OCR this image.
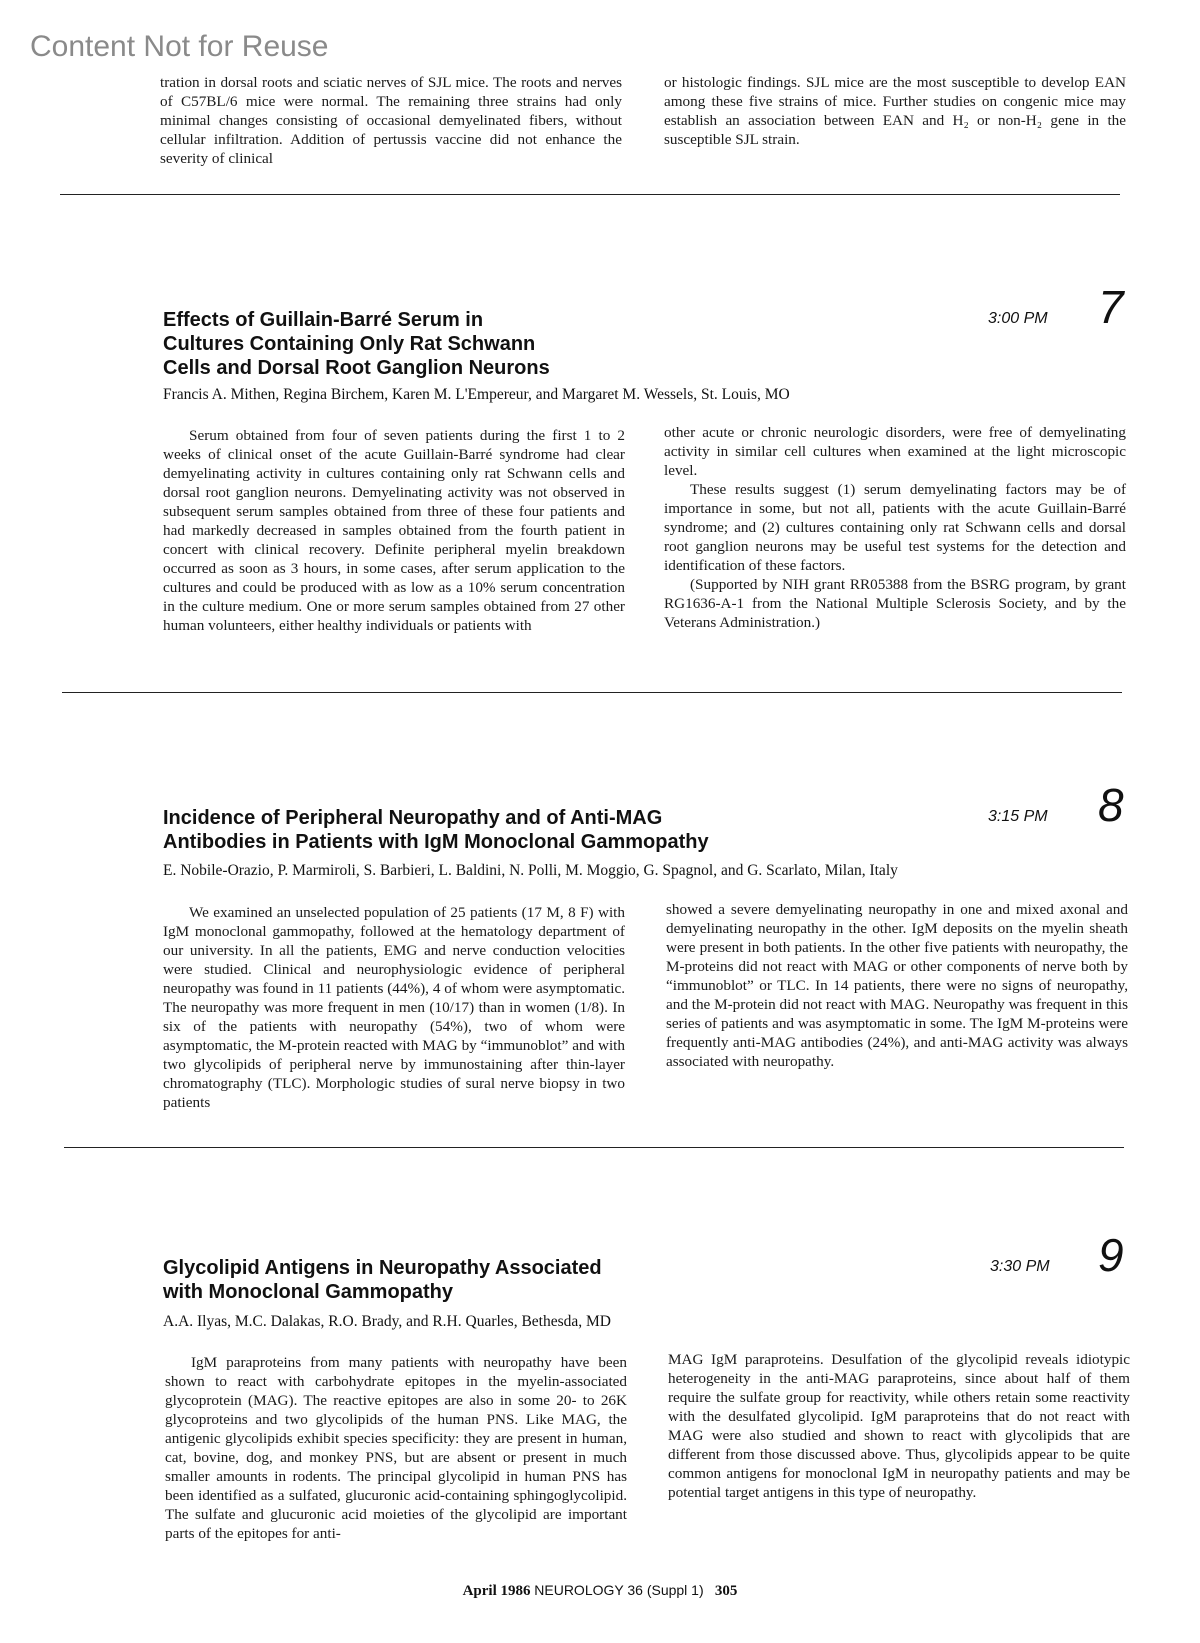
Content Not for Reuse

tration in dorsal roots and sciatic nerves of SJL mice. The roots and nerves of C57BL/6 mice were normal. The remaining three strains had only minimal changes consisting of occasional demyelinated fibers, without cellular infiltration. Addition of pertussis vaccine did not enhance the severity of clinical

or histologic findings. SJL mice are the most susceptible to develop EAN among these five strains of mice. Further studies on congenic mice may establish an association between EAN and H₂ or non-H₂ gene in the susceptible SJL strain.

Effects of Guillain-Barré Serum in
Cultures Containing Only Rat Schwann
Cells and Dorsal Root Ganglion Neurons
3:00 PM 7

Francis A. Mithen, Regina Birchem, Karen M. L'Empereur, and Margaret M. Wessels, St. Louis, MO

Serum obtained from four of seven patients during the first 1 to 2 weeks of clinical onset of the acute Guillain-Barré syndrome had clear demyelinating activity in cultures containing only rat Schwann cells and dorsal root ganglion neurons. Demyelinating activity was not observed in subsequent serum samples obtained from three of these four patients and had markedly decreased in samples obtained from the fourth patient in concert with clinical recovery. Definite peripheral myelin breakdown occurred as soon as 3 hours, in some cases, after serum application to the cultures and could be produced with as low as a 10% serum concentration in the culture medium. One or more serum samples obtained from 27 other human volunteers, either healthy individuals or patients with

other acute or chronic neurologic disorders, were free of demyelinating activity in similar cell cultures when examined at the light microscopic level.

These results suggest (1) serum demyelinating factors may be of importance in some, but not all, patients with the acute Guillain-Barré syndrome; and (2) cultures containing only rat Schwann cells and dorsal root ganglion neurons may be useful test systems for the detection and identification of these factors.

(Supported by NIH grant RR05388 from the BSRG program, by grant RG1636-A-1 from the National Multiple Sclerosis Society, and by the Veterans Administration.)

Incidence of Peripheral Neuropathy and of Anti-MAG
Antibodies in Patients with IgM Monoclonal Gammopathy
3:15 PM 8

E. Nobile-Orazio, P. Marmiroli, S. Barbieri, L. Baldini, N. Polli, M. Moggio, G. Spagnol, and G. Scarlato, Milan, Italy

We examined an unselected population of 25 patients (17 M, 8 F) with IgM monoclonal gammopathy, followed at the hematology department of our university. In all the patients, EMG and nerve conduction velocities were studied. Clinical and neurophysiologic evidence of peripheral neuropathy was found in 11 patients (44%), 4 of whom were asymptomatic. The neuropathy was more frequent in men (10/17) than in women (1/8). In six of the patients with neuropathy (54%), two of whom were asymptomatic, the M-protein reacted with MAG by “immunoblot” and with two glycolipids of peripheral nerve by immunostaining after thin-layer chromatography (TLC). Morphologic studies of sural nerve biopsy in two patients

showed a severe demyelinating neuropathy in one and mixed axonal and demyelinating neuropathy in the other. IgM deposits on the myelin sheath were present in both patients. In the other five patients with neuropathy, the M-proteins did not react with MAG or other components of nerve both by “immunoblot” or TLC. In 14 patients, there were no signs of neuropathy, and the M-protein did not react with MAG. Neuropathy was frequent in this series of patients and was asymptomatic in some. The IgM M-proteins were frequently anti-MAG antibodies (24%), and anti-MAG activity was always associated with neuropathy.

Glycolipid Antigens in Neuropathy Associated
with Monoclonal Gammopathy
3:30 PM 9

A.A. Ilyas, M.C. Dalakas, R.O. Brady, and R.H. Quarles, Bethesda, MD

IgM paraproteins from many patients with neuropathy have been shown to react with carbohydrate epitopes in the myelin-associated glycoprotein (MAG). The reactive epitopes are also in some 20- to 26K glycoproteins and two glycolipids of the human PNS. Like MAG, the antigenic glycolipids exhibit species specificity: they are present in human, cat, bovine, dog, and monkey PNS, but are absent or present in much smaller amounts in rodents. The principal glycolipid in human PNS has been identified as a sulfated, glucuronic acid-containing sphingoglycolipid. The sulfate and glucuronic acid moieties of the glycolipid are important parts of the epitopes for anti-

MAG IgM paraproteins. Desulfation of the glycolipid reveals idiotypic heterogeneity in the anti-MAG paraproteins, since about half of them require the sulfate group for reactivity, while others retain some reactivity with the desulfated glycolipid. IgM paraproteins that do not react with MAG were also studied and shown to react with glycolipids that are different from those discussed above. Thus, glycolipids appear to be quite common antigens for monoclonal IgM in neuropathy patients and may be potential target antigens in this type of neuropathy.

April 1986 NEUROLOGY 36 (Suppl 1) 305
